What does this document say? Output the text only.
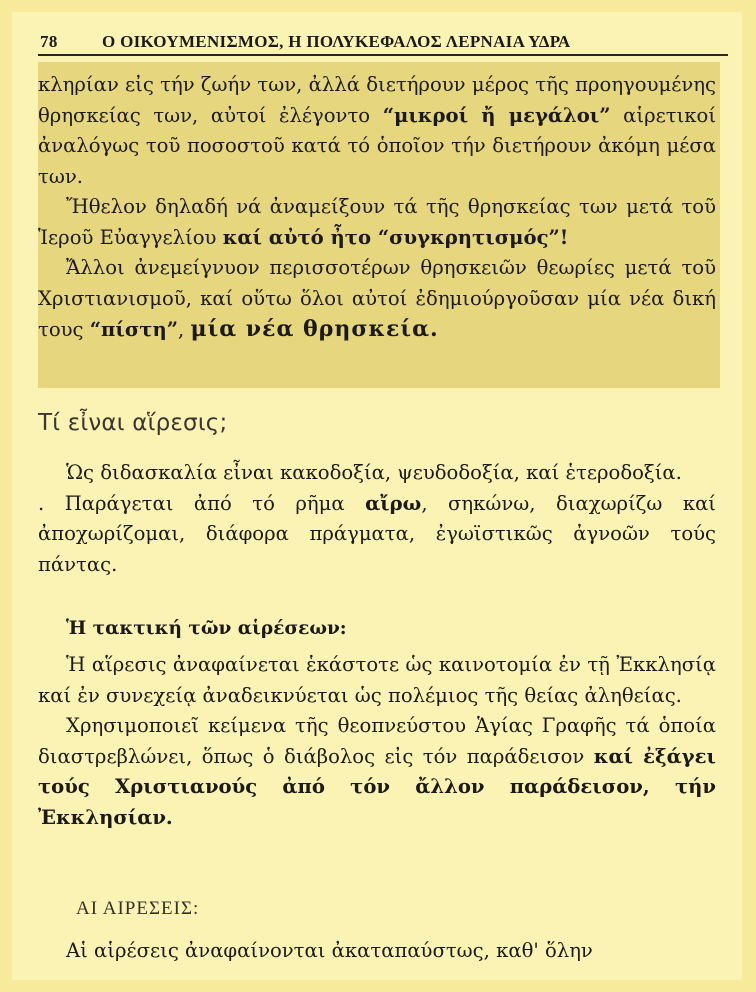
78	Ο ΟΙΚΟΥΜΕΝΙΣΜΟΣ, Η ΠΟΛΥΚΕΦΑΛΟΣ ΛΕΡΝΑΙΑ ΥΔΡΑ

κληρίαν εἰς τήν ζωήν των, ἀλλά διετήρουν μέρος τῆς προηγουμένης θρησκείας των, αὐτοί ἐλέγοντο “μικροί ἤ μεγάλοι” αἱρετικοί ἀναλόγως τοῦ ποσοστοῦ κατά τό ὁποῖον τήν διετήρουν ἀκόμη μέσα των.

Ἤθελον δηλαδή νά ἀναμείξουν τά τῆς θρησκείας των μετά τοῦ Ἱεροῦ Εὐαγγελίου καί αὐτό ἦτο “συγκρητισμός”!

Ἄλλοι ἀνεμείγνυον περισσοτέρων θρησκειῶν θεωρίες μετά τοῦ Χριστιανισμοῦ, καί οὕτω ὅλοι αὐτοί ἐδημιούργοῦσαν μία νέα δική τους “πίστη”, μία νέα θρησκεία.

Τί εἶναι αἵρεσις;

Ὡς διδασκαλία εἶναι κακοδοξία, ψευδοδοξία, καί ἑτεροδοξία.

. Παράγεται ἀπό τό ρῆμα αἴρω, σηκώνω, διαχωρίζω καί ἀποχωρίζομαι, διάφορα πράγματα, ἐγωϊστικῶς ἀγνοῶν τούς πάντας.

Ἡ τακτική τῶν αἱρέσεων:

Ἡ αἵρεσις ἀναφαίνεται ἑκάστοτε ὡς καινοτομία ἐν τῇ Ἐκκλησίᾳ καί ἐν συνεχείᾳ ἀναδεικνύεται ὡς πολέμιος τῆς θείας ἀληθείας.

Χρησιμοποιεῖ κείμενα τῆς θεοπνεύστου Ἁγίας Γραφῆς τά ὁποία διαστρεβλώνει, ὅπως ὁ διάβολος εἰς τόν παράδεισον καί ἐξάγει τούς Χριστιανούς ἀπό τόν ἄλλον παράδεισον, τήν Ἐκκλησίαν.

ΑΙ ΑΙΡΕΣΕΙΣ:

Αἱ αἱρέσεις ἀναφαίνονται ἀκαταπαύστως, καθ' ὅλην
